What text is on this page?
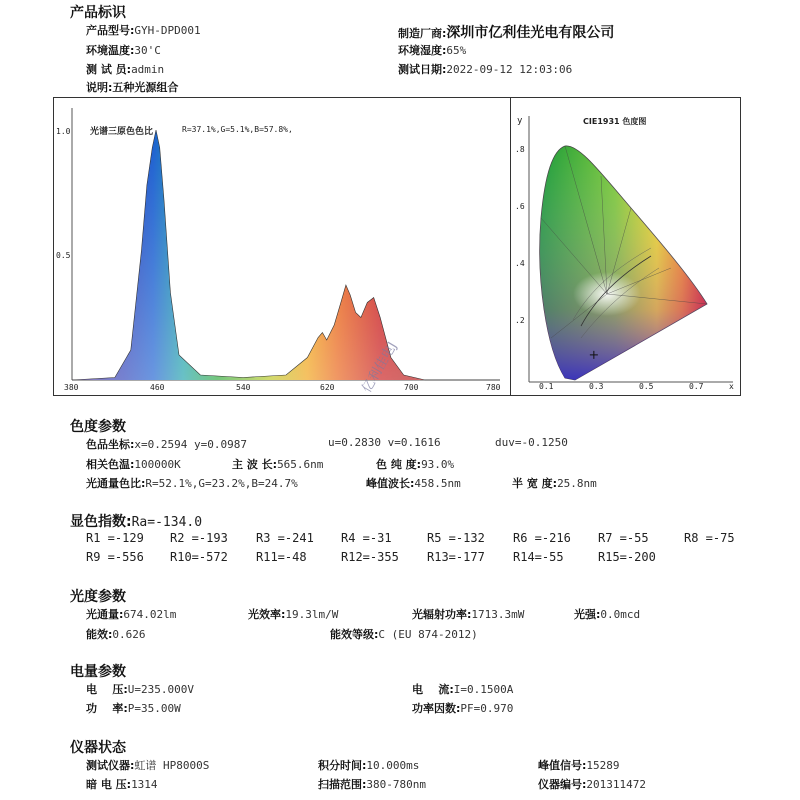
产品标识
产品型号:GYH-DPD001	制造厂商:深圳市亿利佳光电有限公司
环境温度:30'C	环境湿度:65%
测 试 员:admin	测试日期:2022-09-12 12:03:06
说明:五种光源组合
光谱三原色色比	R=37.1%,G=5.1%,B=57.8%,
1.0
0.5
380	460	540	620	700	780
y	CIE1931 色度图
.8
.6
.4
.2
0.1	0.3	0.5	0.7	x
亿利佳电J
色度参数
色品坐标:x=0.2594 y=0.0987	u=0.2830 v=0.1616	duv=-0.1250
相关色温:100000K	主 波 长:565.6nm	色 纯 度:93.0%
光通量色比:R=52.1%,G=23.2%,B=24.7%	峰值波长:458.5nm	半 宽 度:25.8nm
显色指数:Ra=-134.0
R1 =-129 R2 =-193 R3 =-241 R4 =-31	R5 =-132 R6 =-216 R7 =-55	R8 =-75
R9 =-556 R10=-572 R11=-48	R12=-355 R13=-177 R14=-55	R15=-200
光度参数
光通量:674.02lm	光效率:19.3lm/W	光辐射功率:1713.3mW	光强:0.0mcd
能效:0.626	能效等级:C (EU 874-2012)
电量参数
电    压:U=235.000V	电    流:I=0.1500A
功    率:P=35.00W	功率因数:PF=0.970
仪器状态
测试仪器:虹谱 HP8000S	积分时间:10.000ms	峰值信号:15289
暗 电 压:1314	扫描范围:380-780nm	仪器编号:201311472
